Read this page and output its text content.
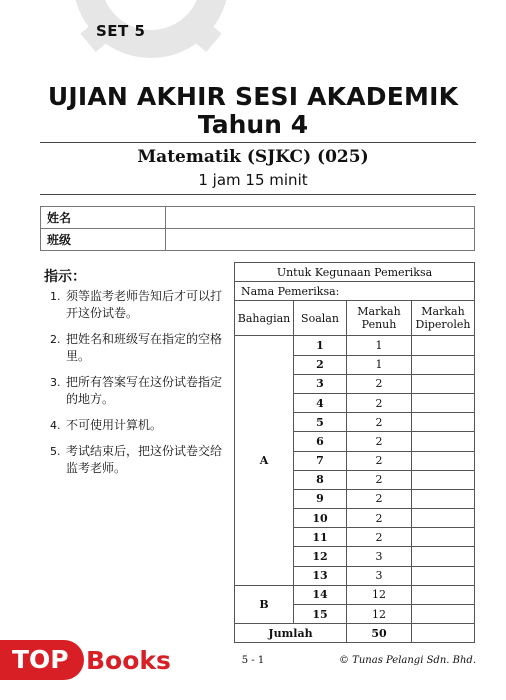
SET 5
UJIAN AKHIR SESI AKADEMIK
Tahun 4
Matematik (SJKC) (025)
1 jam 15 minit
姓名	
班级	
指示：
1. 须等监考老师告知后才可以打开这份试卷。
2. 把姓名和班级写在指定的空格里。
3. 把所有答案写在这份试卷指定的地方。
4. 不可使用计算机。
5. 考试结束后，把这份试卷交给监考老师。
Untuk Kegunaan Pemeriksa			
Nama Pemeriksa:			
Bahagian	Soalan	Markah Penuh	Markah Diperoleh
A	1	1	
	2	1	
	3	2	
	4	2	
	5	2	
	6	2	
	7	2	
	8	2	
	9	2	
	10	2	
	11	2	
	12	3	
	13	3	
B	14	12	
	15	12	
Jumlah		50	
TOP Books	5 - 1	© Tunas Pelangi Sdn. Bhd.
